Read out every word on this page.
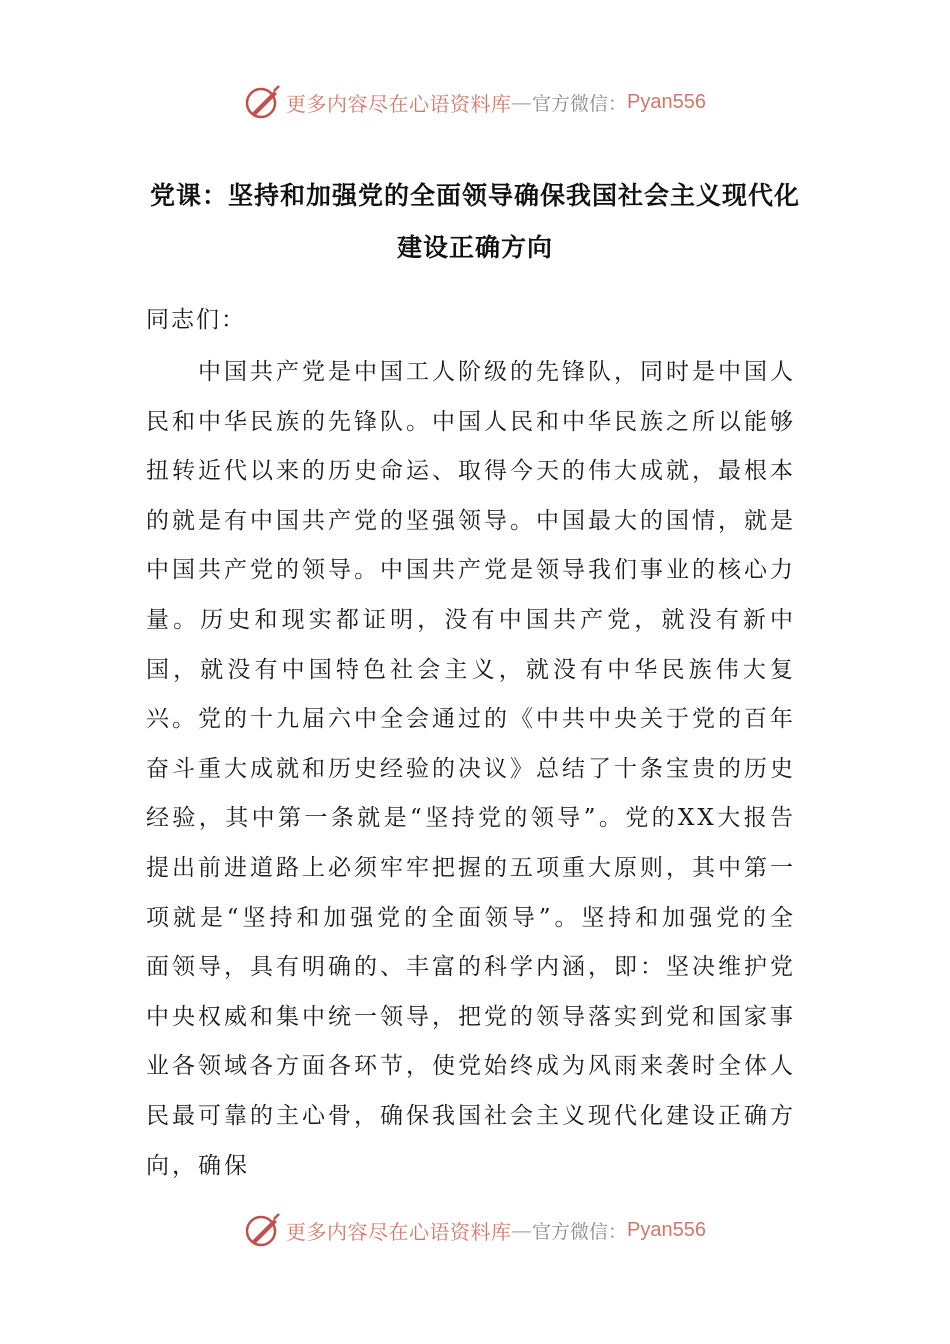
更多内容尽在心语资料库 — 官方微信： Pyan556
党课：坚持和加强党的全面领导确保我国社会主义现代化建设正确方向
同志们：

中国共产党是中国工人阶级的先锋队，同时是中国人民和中华民族的先锋队。中国人民和中华民族之所以能够扭转近代以来的历史命运、取得今天的伟大成就，最根本的就是有中国共产党的坚强领导。中国最大的国情，就是中国共产党的领导。中国共产党是领导我们事业的核心力量。历史和现实都证明，没有中国共产党，就没有新中国，就没有中国特色社会主义，就没有中华民族伟大复兴。党的十九届六中全会通过的《中共中央关于党的百年奋斗重大成就和历史经验的决议》总结了十条宝贵的历史经验，其中第一条就是“坚持党的领导”。党的XX大报告提出前进道路上必须牢牢把握的五项重大原则，其中第一项就是“坚持和加强党的全面领导”。坚持和加强党的全面领导，具有明确的、丰富的科学内涵，即：坚决维护党中央权威和集中统一领导，把党的领导落实到党和国家事业各领域各方面各环节，使党始终成为风雨来袭时全体人民最可靠的主心骨，确保我国社会主义现代化建设正确方向，确保

更多内容尽在心语资料库 — 官方微信： Pyan556
